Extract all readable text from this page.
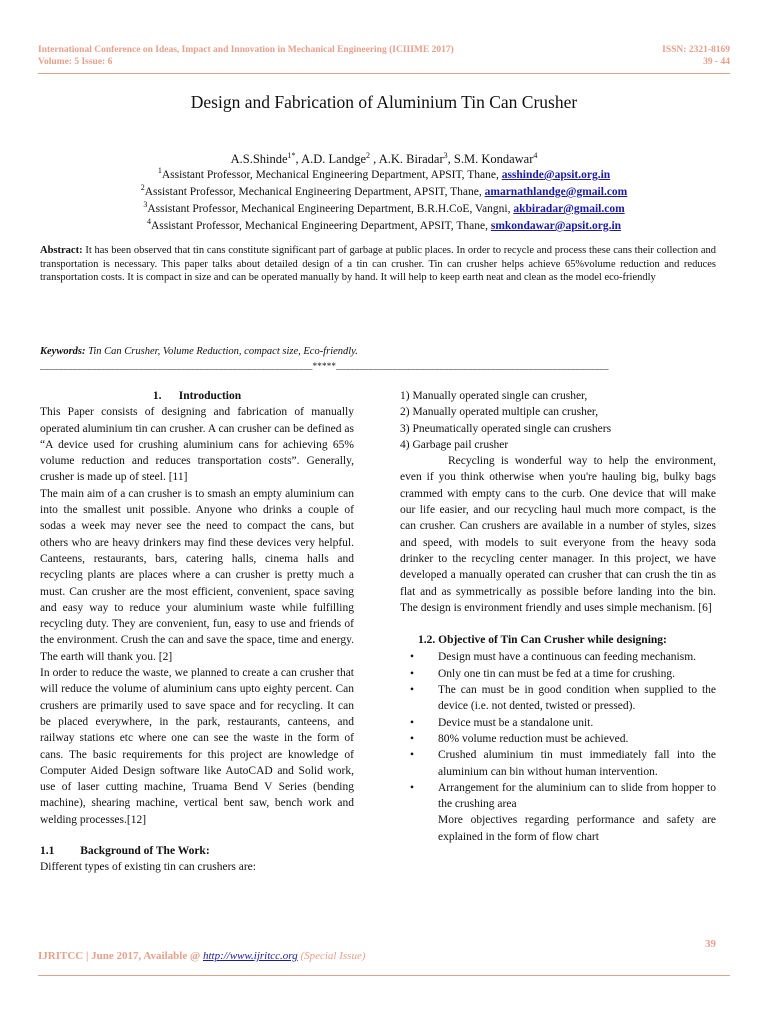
International Conference on Ideas, Impact and Innovation in Mechanical Engineering (ICIIIME 2017)
Volume: 5 Issue: 6
ISSN: 2321-8169
39 - 44
Design and Fabrication of Aluminium Tin Can Crusher
A.S.Shinde$^{1*}$, A.D. Landge$^2$ , A.K. Biradar$^3$, S.M. Kondawar$^4$
$^1$Assistant Professor, Mechanical Engineering Department, APSIT, Thane, asshinde@apsit.org.in
$^2$Assistant Professor, Mechanical Engineering Department, APSIT, Thane, amarnathlandge@gmail.com
$^3$Assistant Professor, Mechanical Engineering Department, B.R.H.CoE, Vangni, akbiradar@gmail.com
$^4$Assistant Professor, Mechanical Engineering Department, APSIT, Thane, smkondawar@apsit.org.in
Abstract: It has been observed that tin cans constitute significant part of garbage at public places. In order to recycle and process these cans their collection and transportation is necessary. This paper talks about detailed design of a tin can crusher. Tin can crusher helps achieve 65%volume reduction and reduces transportation costs. It is compact in size and can be operated manually by hand. It will help to keep earth neat and clean as the model eco-friendly
Keywords: Tin Can Crusher, Volume Reduction, compact size, Eco-friendly.
__________________________________________________________*****__________________________________________________________
1.      Introduction

This Paper consists of designing and fabrication of manually operated aluminium tin can crusher. A can crusher can be defined as “A device used for crushing aluminium cans for achieving 65% volume reduction and reduces transportation costs”. Generally, crusher is made up of steel. [11]

The main aim of a can crusher is to smash an empty aluminium can into the smallest unit possible. Anyone who drinks a couple of sodas a week may never see the need to compact the cans, but others who are heavy drinkers may find these devices very helpful. Canteens, restaurants, bars, catering halls, cinema halls and recycling plants are places where a can crusher is pretty much a must. Can crusher are the most efficient, convenient, space saving and easy way to reduce your aluminium waste while fulfilling recycling duty. They are convenient, fun, easy to use and friends of the environment. Crush the can and save the space, time and energy. The earth will thank you. [2]

In order to reduce the waste, we planned to create a can crusher that will reduce the volume of aluminium cans upto eighty percent. Can crushers are primarily used to save space and for recycling. It can be placed everywhere, in the park, restaurants, canteens, and railway stations etc where one can see the waste in the form of cans. The basic requirements for this project are knowledge of Computer Aided Design software like AutoCAD and Solid work, use of laser cutting machine, Truama Bend V Series (bending machine), shearing machine, vertical bent saw, bench work and welding processes.[12]

1.1         Background of The Work:

Different types of existing tin can crushers are:

1) Manually operated single can crusher,
2) Manually operated multiple can crusher,
3) Pneumatically operated single can crushers
4) Garbage pail crusher

Recycling is wonderful way to help the environment, even if you think otherwise when you're hauling big, bulky bags crammed with empty cans to the curb. One device that will make our life easier, and our recycling haul much more compact, is the can crusher. Can crushers are available in a number of styles, sizes and speed, with models to suit everyone from the heavy soda drinker to the recycling center manager. In this project, we have developed a manually operated can crusher that can crush the tin as flat and as symmetrically as possible before landing into the bin. The design is environment friendly and uses simple mechanism. [6]

1.2. Objective of Tin Can Crusher while designing:
• Design must have a continuous can feeding mechanism.
• Only one tin can must be fed at a time for crushing.
• The can must be in good condition when supplied to the device (i.e. not dented, twisted or pressed).
• Device must be a standalone unit.
• 80% volume reduction must be achieved.
• Crushed aluminium tin must immediately fall into the aluminium can bin without human intervention.
• Arrangement for the aluminium can to slide from hopper to the crushing area

More objectives regarding performance and safety are explained in the form of flow chart

39
IJRITCC | June 2017, Available @ http://www.ijritcc.org (Special Issue)
